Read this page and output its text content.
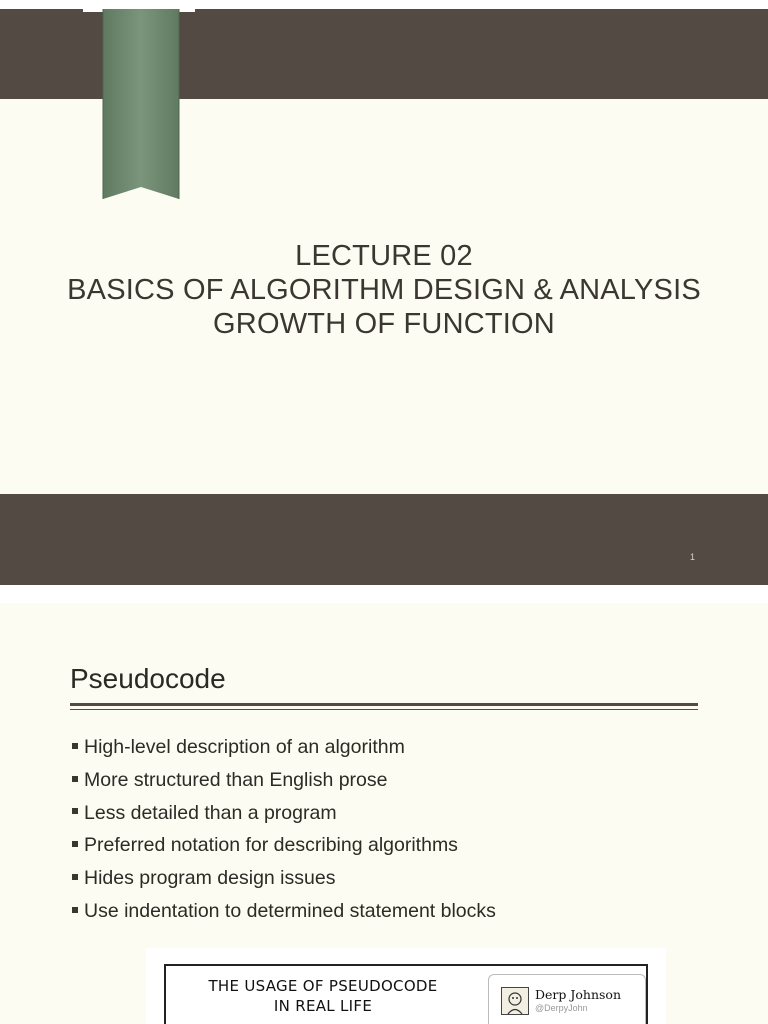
LECTURE 02
BASICS OF ALGORITHM DESIGN & ANALYSIS
GROWTH OF FUNCTION
1
Pseudocode
High-level description of an algorithm
More structured than English prose
Less detailed than a program
Preferred notation for describing algorithms
Hides program design issues
Use indentation to determined statement blocks
THE USAGE OF PSEUDOCODE
IN REAL LIFE
Derp Johnson
@DerpyJohn
